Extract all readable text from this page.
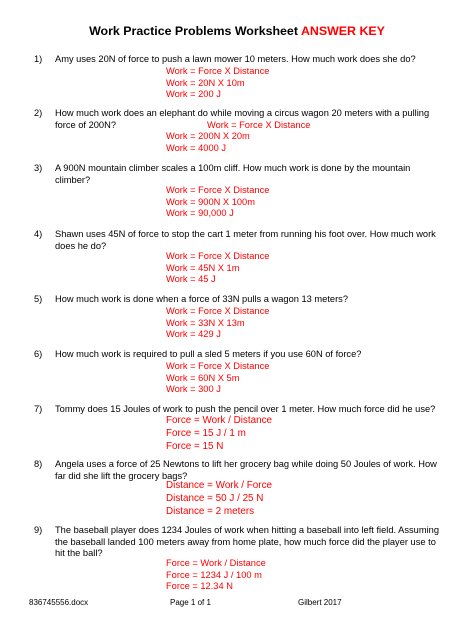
Work Practice Problems Worksheet ANSWER KEY
1) Amy uses 20N of force to push a lawn mower 10 meters. How much work does she do?
Work = Force X Distance
Work = 20N X 10m
Work = 200 J
2) How much work does an elephant do while moving a circus wagon 20 meters with a pulling
force of 200N?	Work = Force X Distance
Work = 200N X 20m
Work = 4000 J
3) A 900N mountain climber scales a 100m cliff. How much work is done by the mountain climber?
Work = Force X Distance
Work = 900N X 100m
Work = 90,000 J
4) Shawn uses 45N of force to stop the cart 1 meter from running his foot over. How much work does he do?
Work = Force X Distance
Work = 45N X 1m
Work = 45 J
5) How much work is done when a force of 33N pulls a wagon 13 meters?
Work = Force X Distance
Work = 33N X 13m
Work = 429 J
6) How much work is required to pull a sled 5 meters if you use 60N of force?
Work = Force X Distance
Work = 60N X 5m
Work = 300 J
7) Tommy does 15 Joules of work to push the pencil over 1 meter. How much force did he use?
Force = Work / Distance
Force = 15 J / 1 m
Force = 15 N
8) Angela uses a force of 25 Newtons to lift her grocery bag while doing 50 Joules of work. How far did she lift the grocery bags?
Distance = Work / Force
Distance = 50 J / 25 N
Distance = 2 meters
9) The baseball player does 1234 Joules of work when hitting a baseball into left field. Assuming the baseball landed 100 meters away from home plate, how much force did the player use to hit the ball?
Force = Work / Distance
Force = 1234 J / 100 m
Force = 12.34 N
836745556.docx	Page 1 of 1	Gilbert 2017
